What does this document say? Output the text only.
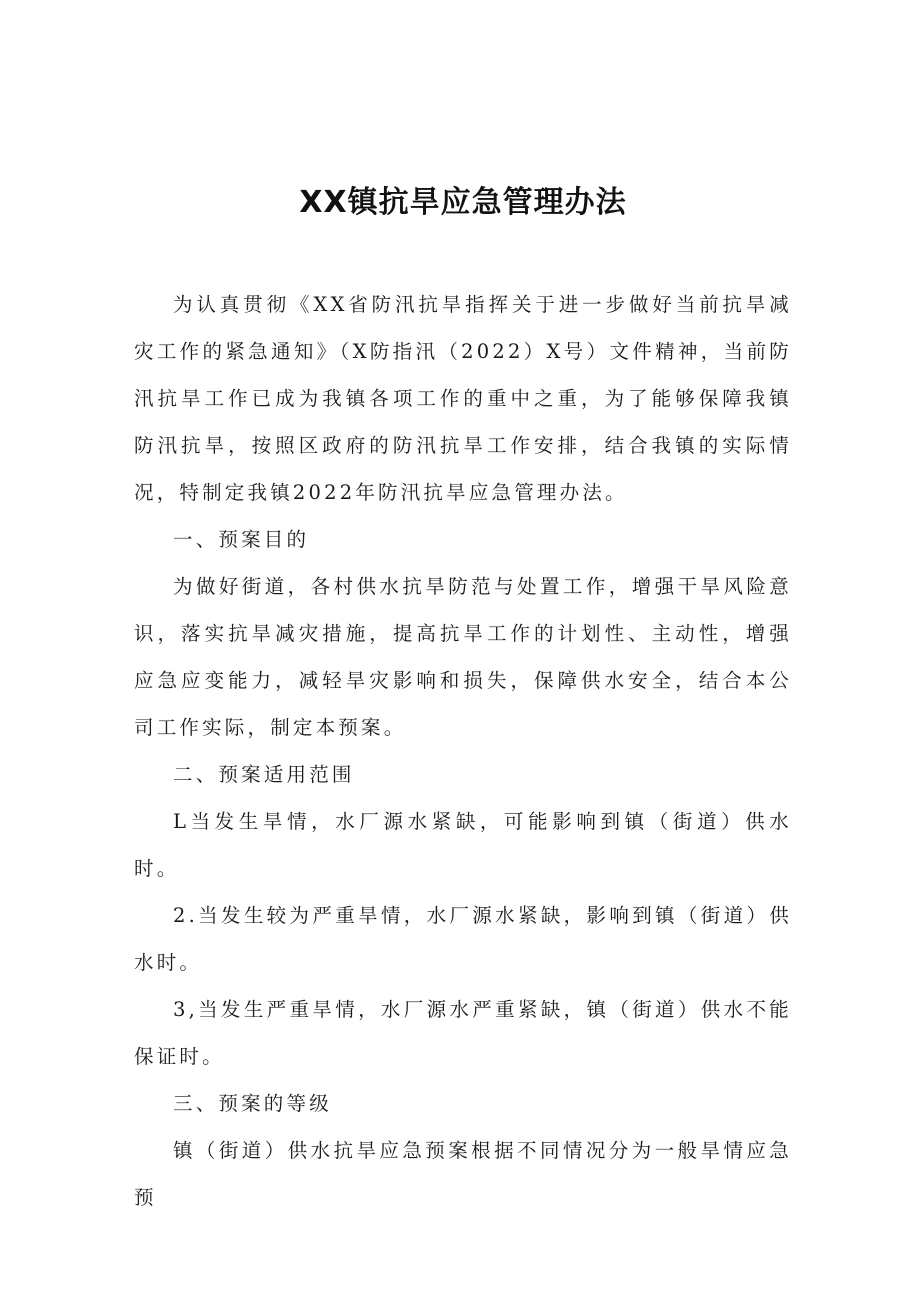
XX镇抗旱应急管理办法

为认真贯彻《XX省防汛抗旱指挥关于进一步做好当前抗旱减灾工作的紧急通知》（X防指汛（2022）X号）文件精神，当前防汛抗旱工作已成为我镇各项工作的重中之重，为了能够保障我镇防汛抗旱，按照区政府的防汛抗旱工作安排，结合我镇的实际情况，特制定我镇2022年防汛抗旱应急管理办法。

一、预案目的

为做好街道，各村供水抗旱防范与处置工作，增强干旱风险意识，落实抗旱减灾措施，提高抗旱工作的计划性、主动性，增强应急应变能力，减轻旱灾影响和损失，保障供水安全，结合本公司工作实际，制定本预案。

二、预案适用范围

L当发生旱情，水厂源水紧缺，可能影响到镇（街道）供水时。

2.当发生较为严重旱情，水厂源水紧缺，影响到镇（街道）供水时。

3,当发生严重旱情，水厂源水严重紧缺，镇（街道）供水不能保证时。

三、预案的等级

镇（街道）供水抗旱应急预案根据不同情况分为一般旱情应急预
